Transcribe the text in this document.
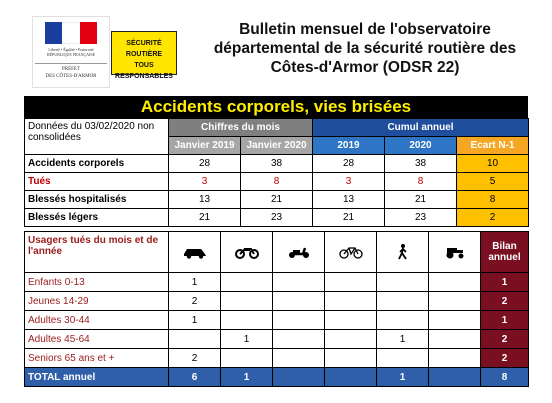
Liberté • Égalité • Fraternité
RÉPUBLIQUE FRANÇAISE
PRÉFET
DES CÔTES-D'ARMOR
SÉCURITÉ ROUTIÈRE
TOUS RESPONSABLES
Bulletin mensuel de l'observatoire
départemental de la sécurité routière des
Côtes-d'Armor (ODSR 22)
Accidents corporels, vies brisées
Données du 03/02/2020 non consolidées	Chiffres du mois		Cumul annuel		
	Janvier 2019	Janvier 2020	2019	2020	Ecart N-1
Accidents corporels	28	38	28	38	10
Tués	3	8	3	8	5
Blessés hospitalisés	13	21	13	21	8
Blessés légers	21	23	21	23	2
Usagers tués du mois et de l'année							Bilan annuel
Enfants 0-13	1						1
Jeunes 14-29	2						2
Adultes 30-44	1						1
Adultes 45-64		1			1		2
Seniors 65 ans et +	2						2
TOTAL annuel	6	1			1		8
